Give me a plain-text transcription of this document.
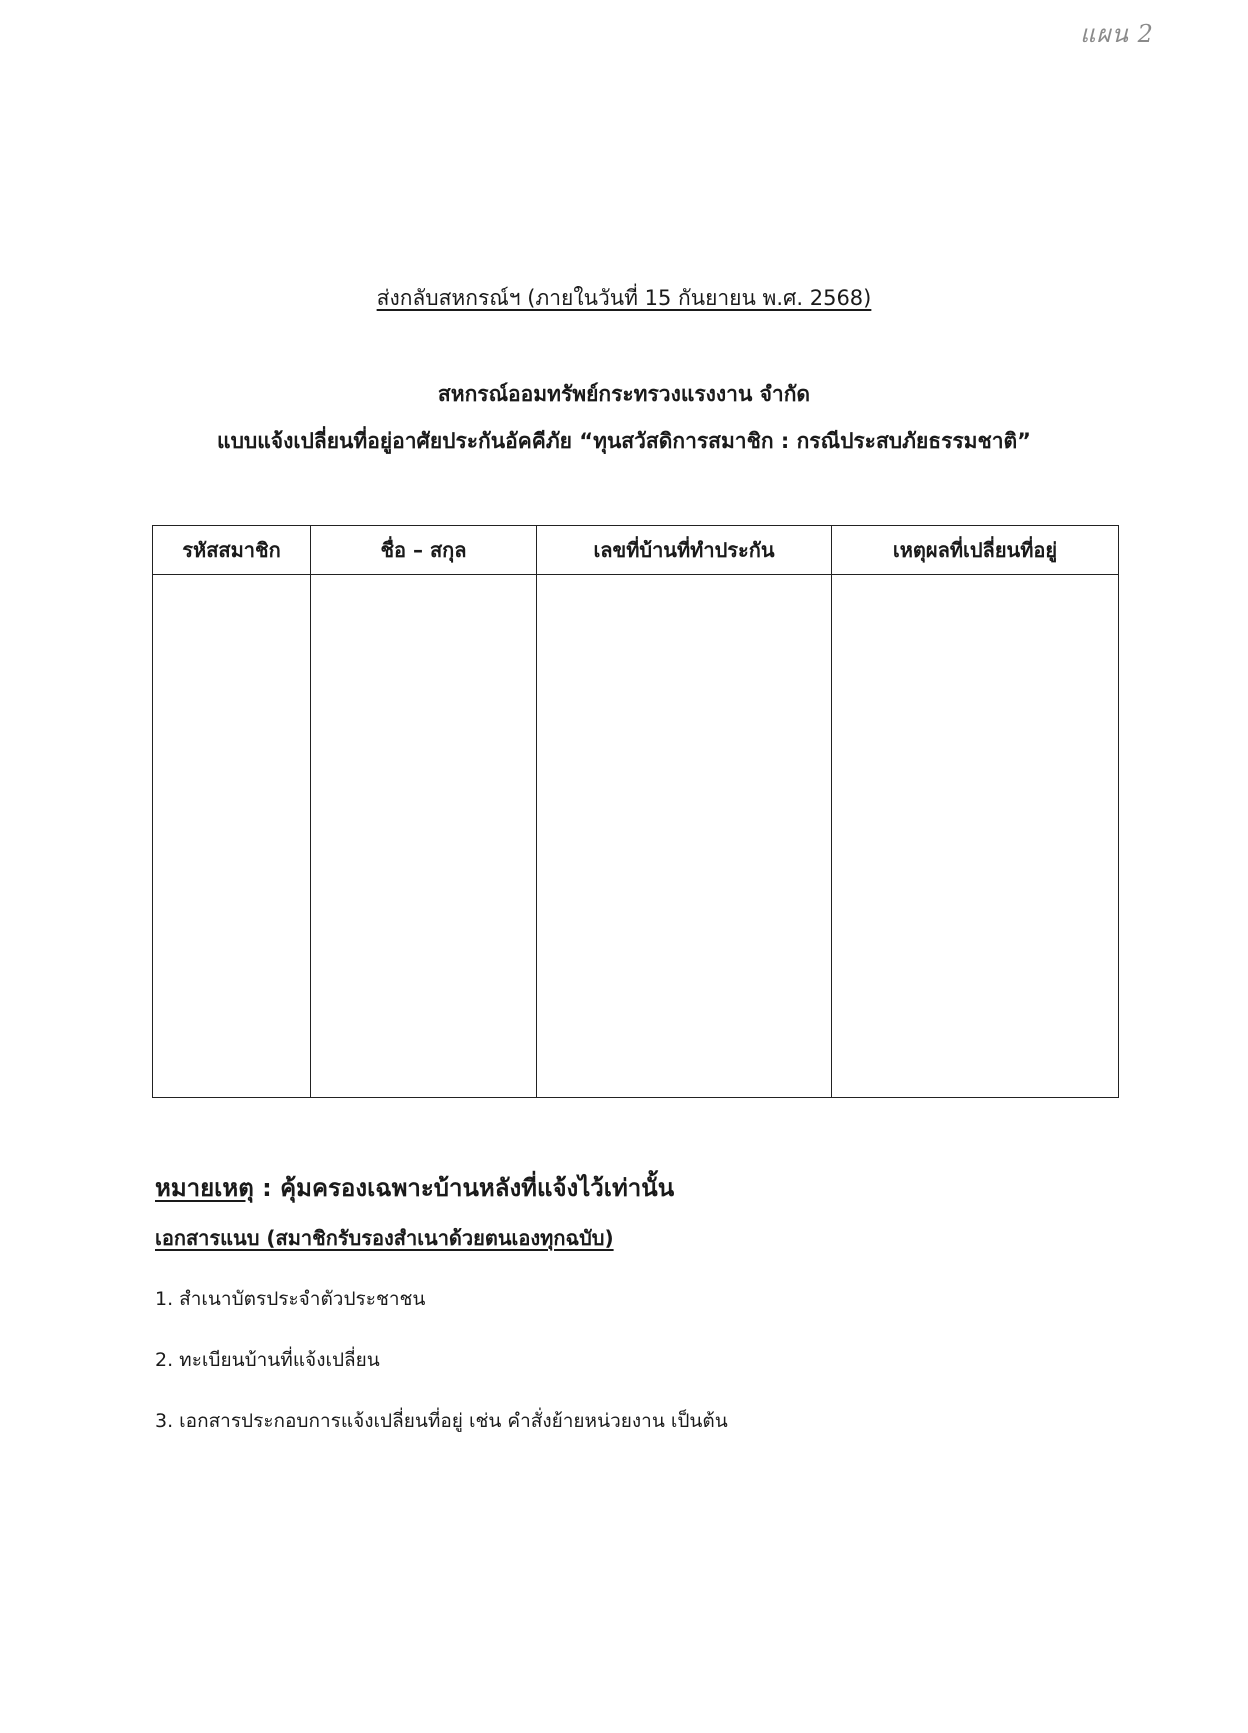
แผน 2
ส่งกลับสหกรณ์ฯ (ภายในวันที่ 15 กันยายน พ.ศ. 2568)
สหกรณ์ออมทรัพย์กระทรวงแรงงาน จำกัด
แบบแจ้งเปลี่ยนที่อยู่อาศัยประกันอัคคีภัย “ทุนสวัสดิการสมาชิก : กรณีประสบภัยธรรมชาติ”
รหัสสมาชิก	ชื่อ – สกุล	เลขที่บ้านที่ทำประกัน	เหตุผลที่เปลี่ยนที่อยู่

หมายเหตุ : คุ้มครองเฉพาะบ้านหลังที่แจ้งไว้เท่านั้น
เอกสารแนบ (สมาชิกรับรองสำเนาด้วยตนเองทุกฉบับ)
1. สำเนาบัตรประจำตัวประชาชน
2. ทะเบียนบ้านที่แจ้งเปลี่ยน
3. เอกสารประกอบการแจ้งเปลี่ยนที่อยู่ เช่น คำสั่งย้ายหน่วยงาน เป็นต้น
